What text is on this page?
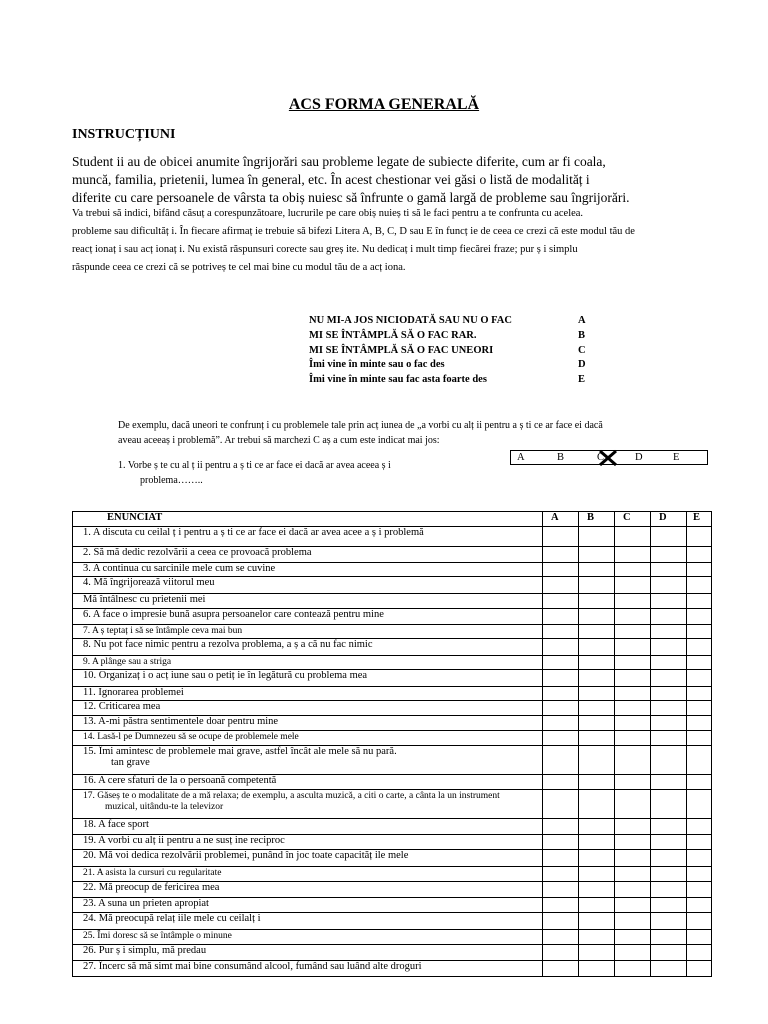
ACS FORMA GENERALĂ
INSTRUCȚIUNI
Student ii au de obicei anumite îngrijorări sau probleme legate de subiecte diferite, cum ar fi coala,
muncă, familia, prietenii, lumea în general, etc. În acest chestionar vei găsi o listă de modalităț i
diferite cu care persoanele de vârsta ta obiș nuiesc să înfrunte o gamă largă de probleme sau îngrijorări.
Va trebui să indici, bifând căsuț a corespunzătoare, lucrurile pe care obiș nuieș ti să le faci pentru a te confrunta cu acelea.
probleme sau dificultăț i. În fiecare afirmaț ie trebuie să bifezi Litera A, B, C, D sau E în funcț ie de ceea ce crezi că este modul tău de
reacț ionaț i sau acț ionaț i. Nu există răspunsuri corecte sau greș ite. Nu dedicaț i mult timp fiecărei fraze; pur ș i simplu
răspunde ceea ce crezi că se potriveș te cel mai bine cu modul tău de a acț iona.
NU MI-A JOS NICIODATĂ SAU NU O FAC	A
MI SE ÎNTÂMPLĂ SĂ O FAC RAR.	B
MI SE ÎNTÂMPLĂ SĂ O FAC UNEORI	C
Îmi vine în minte sau o fac des	D
Îmi vine în minte sau fac asta foarte des	E
De exemplu, dacă uneori te confrunț i cu problemele tale prin acț iunea de „a vorbi cu alț ii pentru a ș ti ce ar face ei dacă
aveau aceeaș i problemă”. Ar trebui să marchezi C aș a cum este indicat mai jos:
1. Vorbe ș te cu al ț ii pentru a ș ti ce ar face ei dacă ar avea aceea ș i
problema……..
A	B	C	D	E
ENUNCIAT	A	B	C	D	E
1. A discuta cu ceilal ț i pentru a ș ti ce ar face ei dacă ar avea acee a ș i problemă					
2. Să mă dedic rezolvării a ceea ce provoacă problema					
3. A continua cu sarcinile mele cum se cuvine					
4. Mă îngrijorează viitorul meu					
Mă întâlnesc cu prietenii mei					
6. A face o impresie bună asupra persoanelor care contează pentru mine					
7. A ș teptaț i să se întâmple ceva mai bun					
8. Nu pot face nimic pentru a rezolva problema, a ș a că nu fac nimic					
9. A plânge sau a striga					
10. Organizaț i o acț iune sau o petiț ie în legătură cu problema mea					
11. Ignorarea problemei					
12. Criticarea mea					
13. A-mi păstra sentimentele doar pentru mine					
14. Lasă-l pe Dumnezeu să se ocupe de problemele mele					
15. Îmi amintesc de problemele mai grave, astfel încât ale mele să nu pară.
tan grave					
16. A cere sfaturi de la o persoană competentă					
17. Găseș te o modalitate de a mă relaxa; de exemplu, a asculta muzică, a citi o carte, a cânta la un instrument
muzical, uitându-te la televizor					
18. A face sport					
19. A vorbi cu alț ii pentru a ne susț ine reciproc					
20. Mă voi dedica rezolvării problemei, punând în joc toate capacităț ile mele					
21. A asista la cursuri cu regularitate					
22. Mă preocup de fericirea mea					
23. A suna un prieten apropiat					
24. Mă preocupă relaț iile mele cu ceilalț i					
25. Îmi doresc să se întâmple o minune					
26. Pur ș i simplu, mă predau					
27. Încerc să mă simt mai bine consumând alcool, fumând sau luând alte droguri					
